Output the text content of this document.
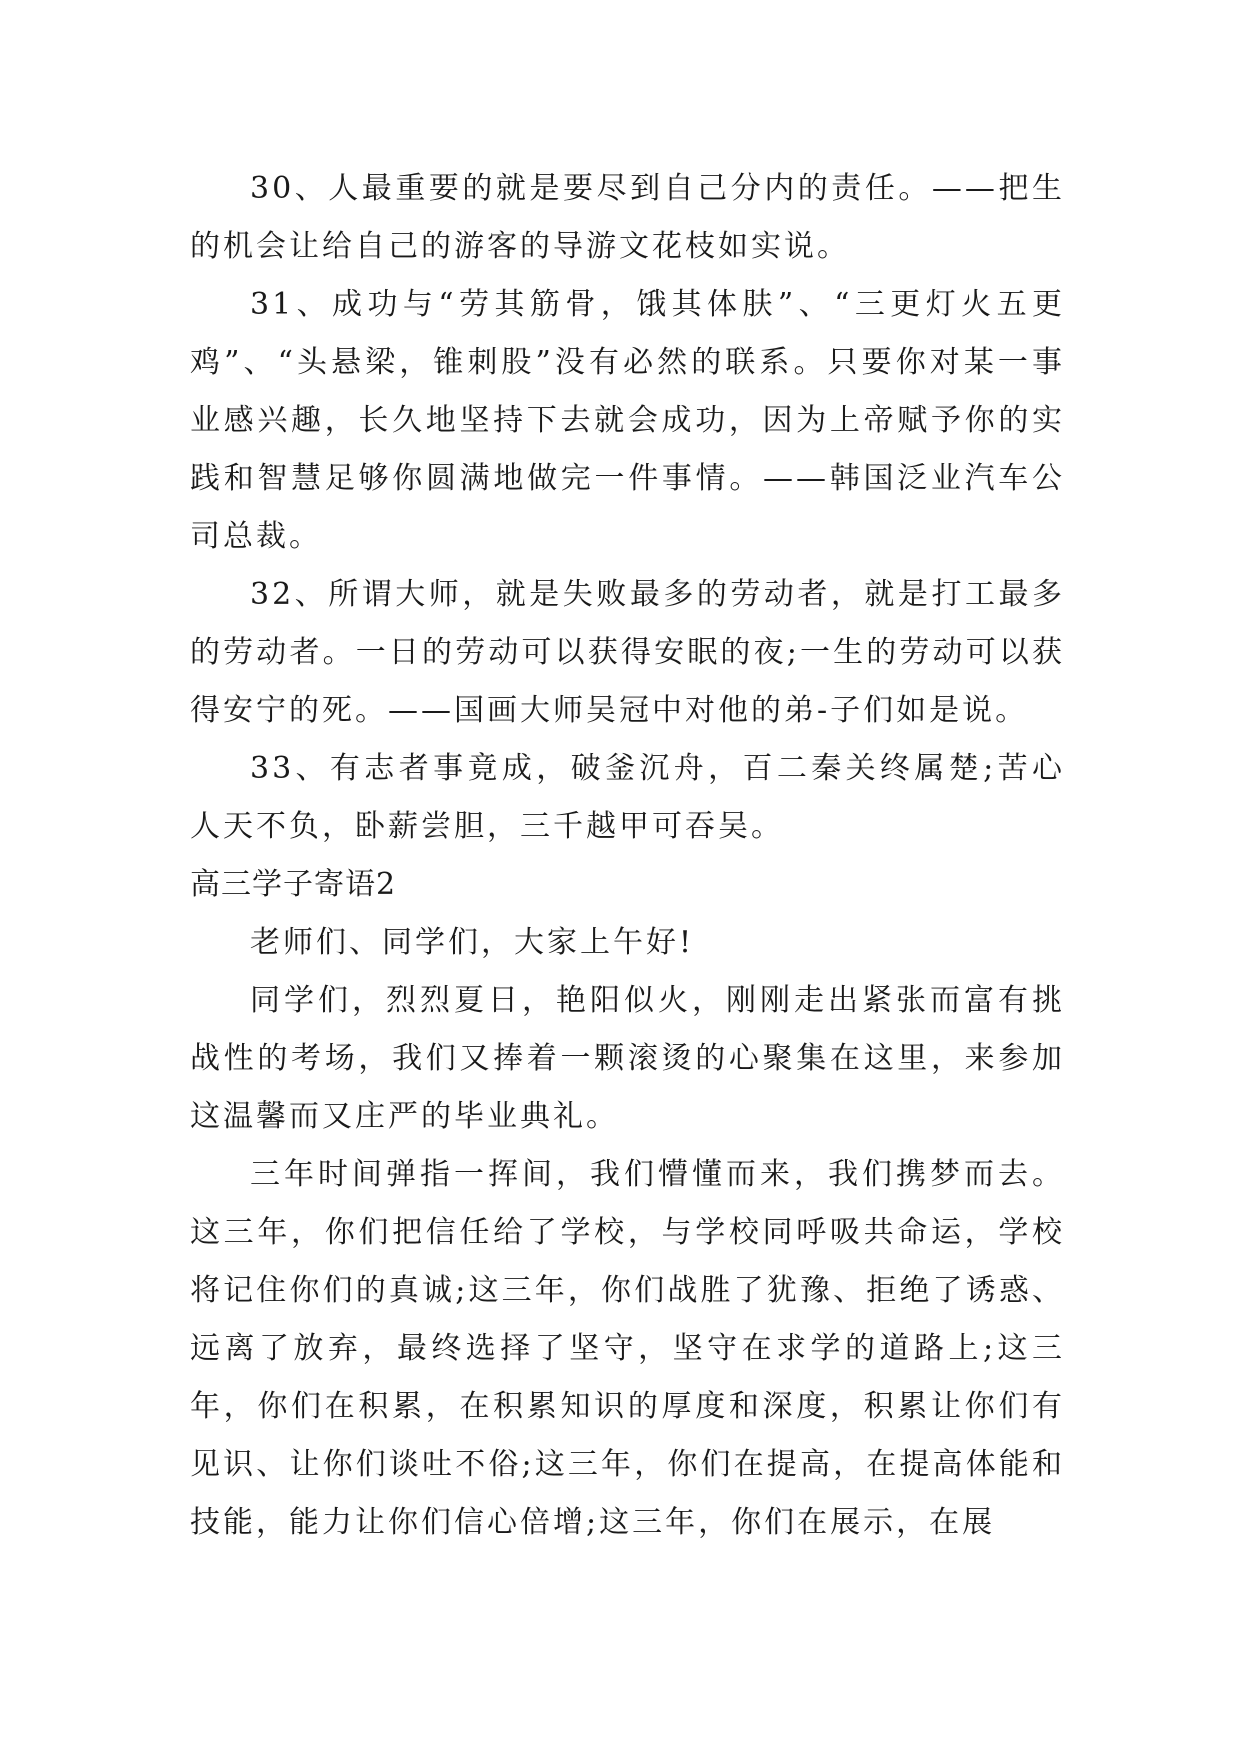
30、人最重要的就是要尽到自己分内的责任。——把生的机会让给自己的游客的导游文花枝如实说。

31、成功与“劳其筋骨，饿其体肤”、“三更灯火五更鸡”、“头悬梁，锥刺股”没有必然的联系。只要你对某一事业感兴趣，长久地坚持下去就会成功，因为上帝赋予你的实践和智慧足够你圆满地做完一件事情。——韩国泛业汽车公司总裁。

32、所谓大师，就是失败最多的劳动者，就是打工最多的劳动者。一日的劳动可以获得安眠的夜;一生的劳动可以获得安宁的死。——国画大师吴冠中对他的弟-子们如是说。

33、有志者事竟成，破釜沉舟，百二秦关终属楚;苦心人天不负，卧薪尝胆，三千越甲可吞吴。

高三学子寄语2

老师们、同学们，大家上午好!

同学们，烈烈夏日，艳阳似火，刚刚走出紧张而富有挑战性的考场，我们又捧着一颗滚烫的心聚集在这里，来参加这温馨而又庄严的毕业典礼。

三年时间弹指一挥间，我们懵懂而来，我们携梦而去。这三年，你们把信任给了学校，与学校同呼吸共命运，学校将记住你们的真诚;这三年，你们战胜了犹豫、拒绝了诱惑、远离了放弃，最终选择了坚守，坚守在求学的道路上;这三年，你们在积累，在积累知识的厚度和深度，积累让你们有见识、让你们谈吐不俗;这三年，你们在提高，在提高体能和技能，能力让你们信心倍增;这三年，你们在展示，在展
